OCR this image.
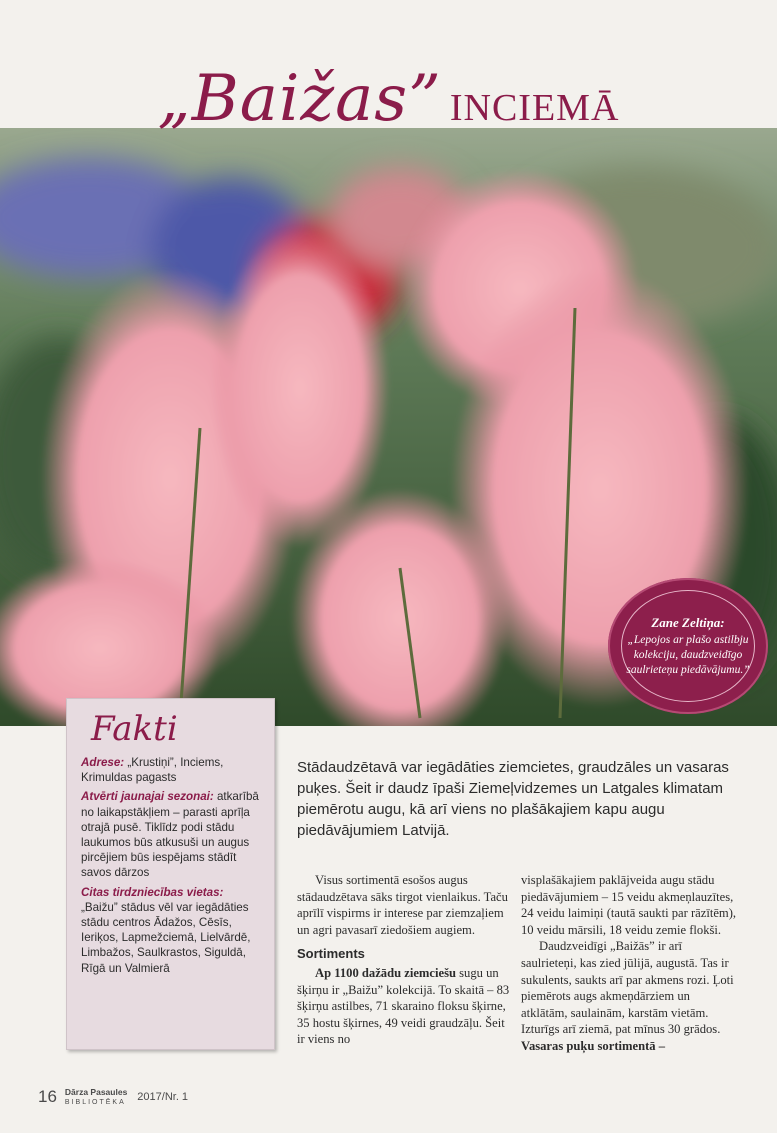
„Baižas” INCIEMĀ
Zane Zeltiņa:
„Lepojos ar plašo astilbju kolekciju, daudzveidīgo saulrieteņu piedāvājumu.”
Fakti

Adrese: „Krustiņi”, Inciems, Krimuldas pagasts

Atvērti jaunajai sezonai: atkarībā no laikapstākļiem – parasti aprīļa otrajā pusē. Tiklīdz podi stādu laukumos būs atkusuši un augus pircējiem būs iespējams stādīt savos dārzos

Citas tirdzniecības vietas: „Baižu” stādus vēl var iegādāties stādu centros Ādažos, Cēsīs, Ieriķos, Lapmežciemā, Lielvārdē, Limbažos, Saulkrastos, Siguldā, Rīgā un Valmierā

Stādaudzētavā var iegādāties ziemcietes, graudzāles un vasaras puķes. Šeit ir daudz īpaši Ziemeļvidzemes un Latgales klimatam piemērotu augu, kā arī viens no plašākajiem kapu augu piedāvājumiem Latvijā.

Visus sortimentā esošos augus stādaudzētava sāks tirgot vienlaikus. Taču aprīlī vispirms ir interese par ziemzaļiem un agri pavasarī ziedošiem augiem.

Sortiments

Ap 1100 dažādu ziemciešu sugu un šķirņu ir „Baižu” kolekcijā. To skaitā – 83 šķirņu astilbes, 71 skaraino floksu šķirne, 35 hostu šķirnes, 49 veidi graudzāļu. Šeit ir viens no

visplašākajiem paklājveida augu stādu piedāvājumiem – 15 veidu akmeņlauzītes, 24 veidu laimiņi (tautā saukti par rāzītēm), 10 veidu mārsili, 18 veidu zemie flokši.

Daudzveidīgi „Baižās” ir arī saulrieteņi, kas zied jūlijā, augustā. Tas ir sukulents, saukts arī par akmens rozi. Ļoti piemērots augs akmeņdārziem un atklātām, saulainām, karstām vietām. Izturīgs arī ziemā, pat mīnus 30 grādos. Vasaras puķu sortimentā –

16 Dārza Pasaules
BIBLIOTĒKA 2017/Nr. 1
